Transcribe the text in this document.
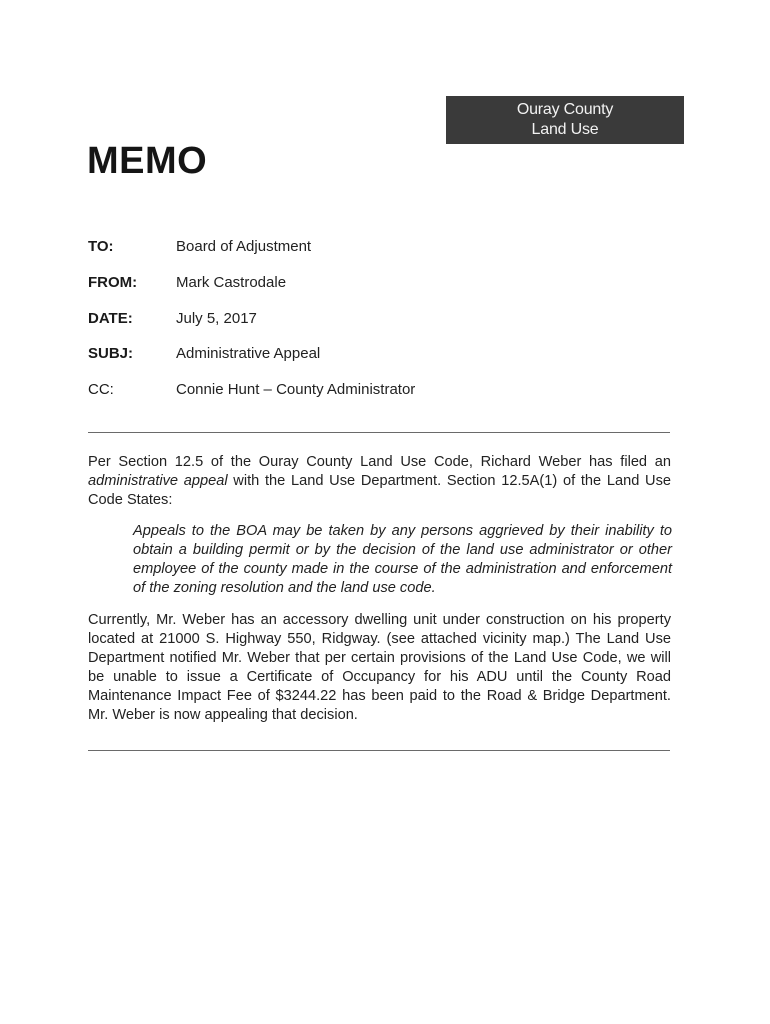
Ouray County
Land Use
MEMO
TO:	Board of Adjustment
FROM:	Mark Castrodale
DATE:	July 5, 2017
SUBJ:	Administrative Appeal
CC:	Connie Hunt – County Administrator

Per Section 12.5 of the Ouray County Land Use Code, Richard Weber has filed an administrative appeal with the Land Use Department. Section 12.5A(1) of the Land Use Code States:

Appeals to the BOA may be taken by any persons aggrieved by their inability to obtain a building permit or by the decision of the land use administrator or other employee of the county made in the course of the administration and enforcement of the zoning resolution and the land use code.

Currently, Mr. Weber has an accessory dwelling unit under construction on his property located at 21000 S. Highway 550, Ridgway. (see attached vicinity map.) The Land Use Department notified Mr. Weber that per certain provisions of the Land Use Code, we will be unable to issue a Certificate of Occupancy for his ADU until the County Road Maintenance Impact Fee of $3244.22 has been paid to the Road & Bridge Department. Mr. Weber is now appealing that decision.
